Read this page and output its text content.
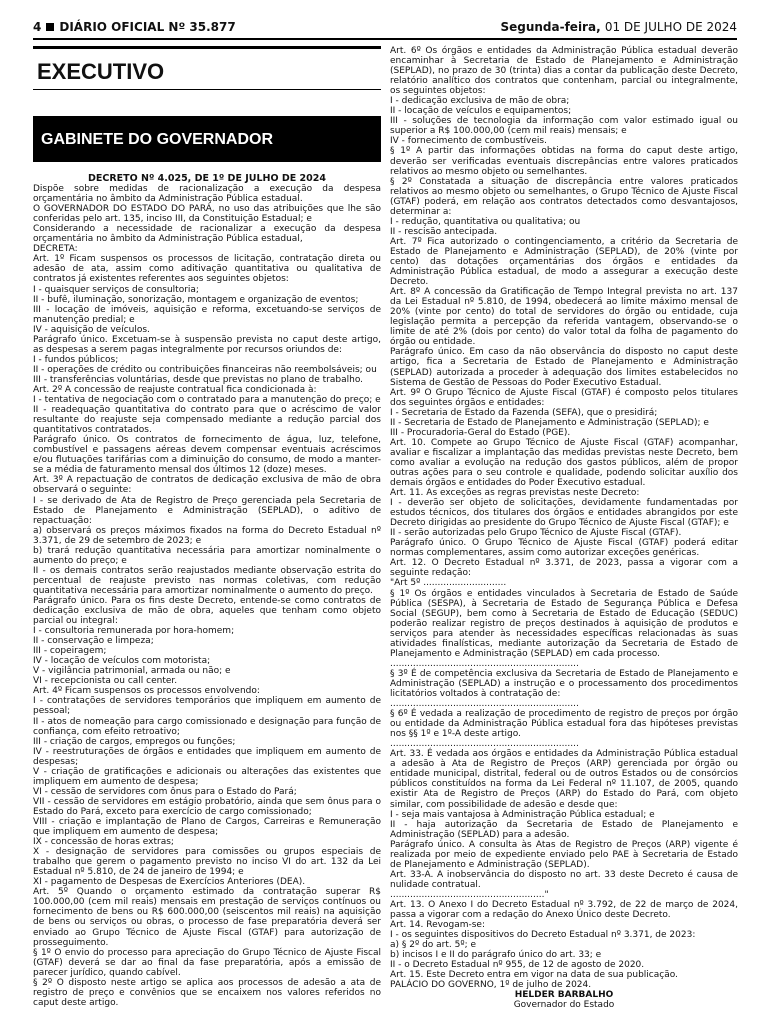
4 DIÁRIO OFICIAL Nº 35.877	Segunda-feira, 01 DE JULHO DE 2024
EXECUTIVO
GABINETE DO GOVERNADOR
DECRETO Nº 4.025, DE 1º DE JULHO DE 2024

Dispõe sobre medidas de racionalização a execução da despesa orçamentária no âmbito da Administração Pública estadual.

O GOVERNADOR DO ESTADO DO PARÁ, no uso das atribuições que lhe são conferidas pelo art. 135, inciso III, da Constituição Estadual; e

Considerando a necessidade de racionalizar a execução da despesa orçamentária no âmbito da Administração Pública estadual,

DECRETA:

Art. 1º Ficam suspensos os processos de licitação, contratação direta ou adesão de ata, assim como aditivação quantitativa ou qualitativa de contratos já existentes referentes aos seguintes objetos:

I - quaisquer serviços de consultoria;

II - bufê, iluminação, sonorização, montagem e organização de eventos;

III - locação de imóveis, aquisição e reforma, excetuando-se serviços de manutenção predial; e

IV - aquisição de veículos.

Parágrafo único. Excetuam-se à suspensão prevista no caput deste artigo, as despesas a serem pagas integralmente por recursos oriundos de:

I - fundos públicos;

II - operações de crédito ou contribuições financeiras não reembolsáveis; ou

III - transferências voluntárias, desde que previstas no plano de trabalho.

Art. 2º A concessão de reajuste contratual fica condicionada à:

I - tentativa de negociação com o contratado para a manutenção do preço; e

II - readequação quantitativa do contrato para que o acréscimo de valor resultante do reajuste seja compensado mediante a redução parcial dos quantitativos contratados.

Parágrafo único. Os contratos de fornecimento de água, luz, telefone, combustível e passagens aéreas devem compensar eventuais acréscimos e/ou flutuações tarifárias com a diminuição do consumo, de modo a manter-se a média de faturamento mensal dos últimos 12 (doze) meses.

Art. 3º A repactuação de contratos de dedicação exclusiva de mão de obra observará o seguinte:

I - se derivado de Ata de Registro de Preço gerenciada pela Secretaria de Estado de Planejamento e Administração (SEPLAD), o aditivo de repactuação:

a) observará os preços máximos fixados na forma do Decreto Estadual nº 3.371, de 29 de setembro de 2023; e

b) trará redução quantitativa necessária para amortizar nominalmente o aumento do preço; e

II - os demais contratos serão reajustados mediante observação estrita do percentual de reajuste previsto nas normas coletivas, com redução quantitativa necessária para amortizar nominalmente o aumento do preço.

Parágrafo único. Para os fins deste Decreto, entende-se como contratos de dedicação exclusiva de mão de obra, aqueles que tenham como objeto parcial ou integral:

I - consultoria remunerada por hora-homem;

II - conservação e limpeza;

III - copeiragem;

IV - locação de veículos com motorista;

V - vigilância patrimonial, armada ou não; e

VI - recepcionista ou call center.

Art. 4º Ficam suspensos os processos envolvendo:

I - contratações de servidores temporários que impliquem em aumento de pessoal;

II - atos de nomeação para cargo comissionado e designação para função de confiança, com efeito retroativo;

III - criação de cargos, empregos ou funções;

IV - reestruturações de órgãos e entidades que impliquem em aumento de despesas;

V - criação de gratificações e adicionais ou alterações das existentes que impliquem em aumento de despesa;

VI - cessão de servidores com ônus para o Estado do Pará;

VII - cessão de servidores em estágio probatório, ainda que sem ônus para o Estado do Pará, exceto para exercício de cargo comissionado;

VIII - criação e implantação de Plano de Cargos, Carreiras e Remuneração que impliquem em aumento de despesa;

IX - concessão de horas extras;

X - designação de servidores para comissões ou grupos especiais de trabalho que gerem o pagamento previsto no inciso VI do art. 132 da Lei Estadual nº 5.810, de 24 de janeiro de 1994; e

XI - pagamento de Despesas de Exercícios Anteriores (DEA).

Art. 5º Quando o orçamento estimado da contratação superar R$ 100.000,00 (cem mil reais) mensais em prestação de serviços contínuos ou fornecimento de bens ou R$ 600.000,00 (seiscentos mil reais) na aquisição de bens ou serviços ou obras, o processo de fase preparatória deverá ser enviado ao Grupo Técnico de Ajuste Fiscal (GTAF) para autorização de prosseguimento.

§ 1º O envio do processo para apreciação do Grupo Técnico de Ajuste Fiscal (GTAF) deverá se dar ao final da fase preparatória, após a emissão de parecer jurídico, quando cabível.

§ 2º O disposto neste artigo se aplica aos processos de adesão a ata de registro de preço e convênios que se encaixem nos valores referidos no caput deste artigo.

Art. 6º Os órgãos e entidades da Administração Pública estadual deverão encaminhar à Secretaria de Estado de Planejamento e Administração (SEPLAD), no prazo de 30 (trinta) dias a contar da publicação deste Decreto, relatório analítico dos contratos que contenham, parcial ou integralmente, os seguintes objetos:

I - dedicação exclusiva de mão de obra;

II - locação de veículos e equipamentos;

III - soluções de tecnologia da informação com valor estimado igual ou superior a R$ 100.000,00 (cem mil reais) mensais; e

IV - fornecimento de combustíveis.

§ 1º A partir das informações obtidas na forma do caput deste artigo, deverão ser verificadas eventuais discrepâncias entre valores praticados relativos ao mesmo objeto ou semelhantes.

§ 2º Constatada a situação de discrepância entre valores praticados relativos ao mesmo objeto ou semelhantes, o Grupo Técnico de Ajuste Fiscal (GTAF) poderá, em relação aos contratos detectados como desvantajosos, determinar a:

I - redução, quantitativa ou qualitativa; ou

II - rescisão antecipada.

Art. 7º Fica autorizado o contingenciamento, a critério da Secretaria de Estado de Planejamento e Administração (SEPLAD), de 20% (vinte por cento) das dotações orçamentárias dos órgãos e entidades da Administração Pública estadual, de modo a assegurar a execução deste Decreto.

Art. 8º A concessão da Gratificação de Tempo Integral prevista no art. 137 da Lei Estadual nº 5.810, de 1994, obedecerá ao limite máximo mensal de 20% (vinte por cento) do total de servidores do órgão ou entidade, cuja legislação permita a percepção da referida vantagem, observando-se o limite de até 2% (dois por cento) do valor total da folha de pagamento do órgão ou entidade.

Parágrafo único. Em caso da não observância do disposto no caput deste artigo, fica a Secretaria de Estado de Planejamento e Administração (SEPLAD) autorizada a proceder à adequação dos limites estabelecidos no Sistema de Gestão de Pessoas do Poder Executivo Estadual.

Art. 9º O Grupo Técnico de Ajuste Fiscal (GTAF) é composto pelos titulares dos seguintes órgãos e entidades:

I - Secretaria de Estado da Fazenda (SEFA), que o presidirá;

II - Secretaria de Estado de Planejamento e Administração (SEPLAD); e

III - Procuradoria-Geral do Estado (PGE).

Art. 10. Compete ao Grupo Técnico de Ajuste Fiscal (GTAF) acompanhar, avaliar e fiscalizar a implantação das medidas previstas neste Decreto, bem como avaliar a evolução na redução dos gastos públicos, além de propor outras ações para o seu controle e qualidade, podendo solicitar auxílio dos demais órgãos e entidades do Poder Executivo estadual.

Art. 11. As exceções as regras previstas neste Decreto:

I - deverão ser objeto de solicitações, devidamente fundamentadas por estudos técnicos, dos titulares dos órgãos e entidades abrangidos por este Decreto dirigidas ao presidente do Grupo Técnico de Ajuste Fiscal (GTAF); e

II - serão autorizadas pelo Grupo Técnico de Ajuste Fiscal (GTAF).

Parágrafo único. O Grupo Técnico de Ajuste Fiscal (GTAF) poderá editar normas complementares, assim como autorizar exceções genéricas.

Art. 12. O Decreto Estadual nº 3.371, de 2023, passa a vigorar com a seguinte redação:

"Art 5º .............................

§ 1º Os órgãos e entidades vinculados à Secretaria de Estado de Saúde Pública (SESPA), à Secretaria de Estado de Segurança Pública e Defesa Social (SEGUP), bem como à Secretaria de Estado de Educação (SEDUC) poderão realizar registro de preços destinados à aquisição de produtos e serviços para atender às necessidades específicas relacionadas às suas atividades finalísticas, mediante autorização da Secretaria de Estado de Planejamento e Administração (SEPLAD) em cada processo.

..................................................................

§ 3º É de competência exclusiva da Secretaria de Estado de Planejamento e Administração (SEPLAD) a instrução e o processamento dos procedimentos licitatórios voltados à contratação de:

..................................................................

§ 6º É vedada a realização de procedimento de registro de preços por órgão ou entidade da Administração Pública estadual fora das hipóteses previstas nos §§ 1º e 1º-A deste artigo.

..................................................................

Art. 33. É vedada aos órgãos e entidades da Administração Pública estadual a adesão à Ata de Registro de Preços (ARP) gerenciada por órgão ou entidade municipal, distrital, federal ou de outros Estados ou de consórcios públicos constituídos na forma da Lei Federal nº 11.107, de 2005, quando existir Ata de Registro de Preços (ARP) do Estado do Pará, com objeto similar, com possibilidade de adesão e desde que:

I - seja mais vantajosa à Administração Pública estadual; e

II - haja autorização da Secretaria de Estado de Planejamento e Administração (SEPLAD) para a adesão.

Parágrafo único. A consulta às Atas de Registro de Preços (ARP) vigente é realizada por meio de expediente enviado pelo PAE à Secretaria de Estado de Planejamento e Administração (SEPLAD).

Art. 33-A. A inobservância do disposto no art. 33 deste Decreto é causa de nulidade contratual.

......................................................"

Art. 13. O Anexo I do Decreto Estadual nº 3.792, de 22 de março de 2024, passa a vigorar com a redação do Anexo Único deste Decreto.

Art. 14. Revogam-se:

I - os seguintes dispositivos do Decreto Estadual nº 3.371, de 2023:

a) § 2º do art. 5º; e

b) incisos I e II do parágrafo único do art. 33; e

II - o Decreto Estadual nº 955, de 12 de agosto de 2020.

Art. 15. Este Decreto entra em vigor na data de sua publicação.

PALÁCIO DO GOVERNO, 1º de julho de 2024.

HELDER BARBALHO
Governador do Estado
